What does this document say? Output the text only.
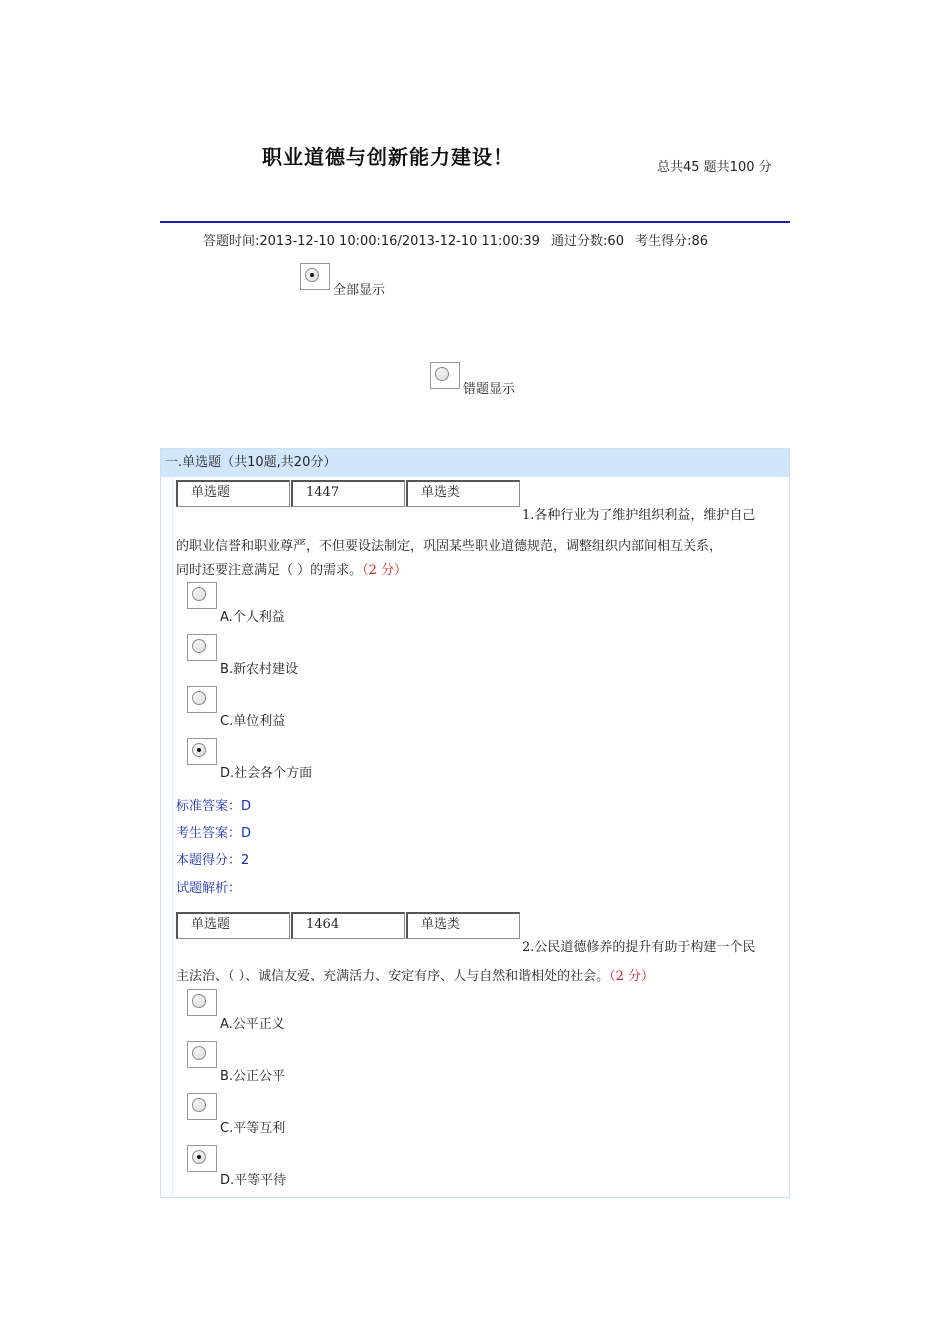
职业道德与创新能力建设！	总共45 题共100 分
答题时间:2013-12-10 10:00:16/2013-12-10 11:00:39 通过分数:60 考生得分:86
全部显示
错题显示
一.单选题（共10题,共20分）
单选题	1447	单选类
1.各种行业为了维护组织利益，维护自己
的职业信誉和职业尊严，不但要设法制定，巩固某些职业道德规范，调整组织内部间相互关系，
同时还要注意满足（ ）的需求。（2 分）
A.个人利益
B.新农村建设
C.单位利益
D.社会各个方面
标准答案：D
考生答案：D
本题得分：2
试题解析：
单选题	1464	单选类
2.公民道德修养的提升有助于构建一个民
主法治、（ ）、诚信友爱、充满活力、安定有序、人与自然和谐相处的社会。（2 分）
A.公平正义
B.公正公平
C.平等互利
D.平等平待
